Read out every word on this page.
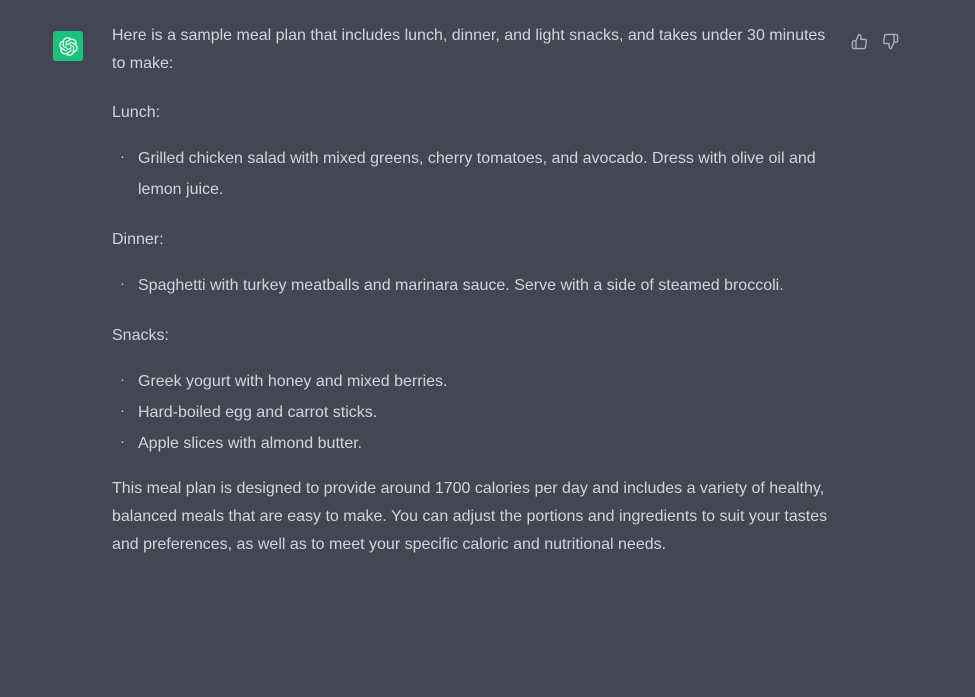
Here is a sample meal plan that includes lunch, dinner, and light snacks, and takes under 30 minutes to make:

Lunch:

· Grilled chicken salad with mixed greens, cherry tomatoes, and avocado. Dress with olive oil and lemon juice.

Dinner:

· Spaghetti with turkey meatballs and marinara sauce. Serve with a side of steamed broccoli.

Snacks:

· Greek yogurt with honey and mixed berries.
· Hard-boiled egg and carrot sticks.
· Apple slices with almond butter.

This meal plan is designed to provide around 1700 calories per day and includes a variety of healthy, balanced meals that are easy to make. You can adjust the portions and ingredients to suit your tastes and preferences, as well as to meet your specific caloric and nutritional needs.
